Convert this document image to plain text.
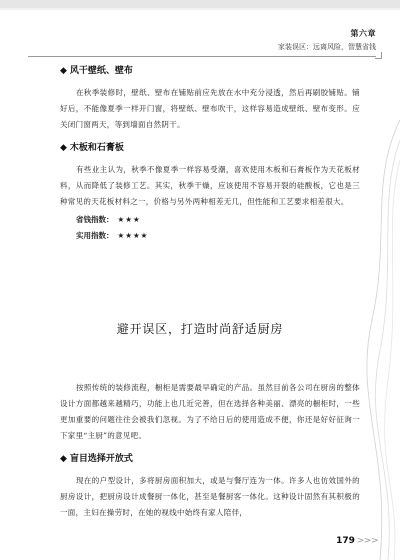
第六章
家装误区：远离风险，智慧省钱
◆ 风干壁纸、壁布

在秋季装修时，壁纸、壁布在铺贴前应先放在水中充分浸透，然后再刷胶铺贴。铺好后，不能像夏季一样开门窗，将壁纸、壁布吹干，这样容易造成壁纸、壁布变形。应关闭门窗两天，等到墙面自然阴干。

◆ 木板和石膏板

有些业主认为，秋季不像夏季一样容易受潮，喜欢使用木板和石膏板作为天花板材料，从而降低了装修工艺。其实，秋季干燥，应该使用不容易开裂的硅酸板，它也是三种常见的天花板材料之一，价格与另外两种相差无几，但性能和工艺要求相差很大。

省钱指数： ★★★

实用指数： ★★★★

避开误区，打造时尚舒适厨房

按照传统的装修流程，橱柜是需要最早确定的产品。虽然目前各公司在厨房的整体设计方面都越来越精巧，功能上也几近完善，但在选择各种美丽、漂亮的橱柜时，一些更加重要的问题往往会被我们忽视。为了不给日后的使用造成不便，你还是好好征询一下家里“主厨”的意见吧。

◆ 盲目选择开放式

现在的户型设计，多将厨房面积加大，或是与餐厅连为一体。许多人也仿效国外的厨房设计，把厨房设计成餐厨一体化，甚至是餐厨客一体化。这种设计固然有其积极的一面，主妇在操劳时，在她的视线中始终有家人陪伴，

179 >>>
